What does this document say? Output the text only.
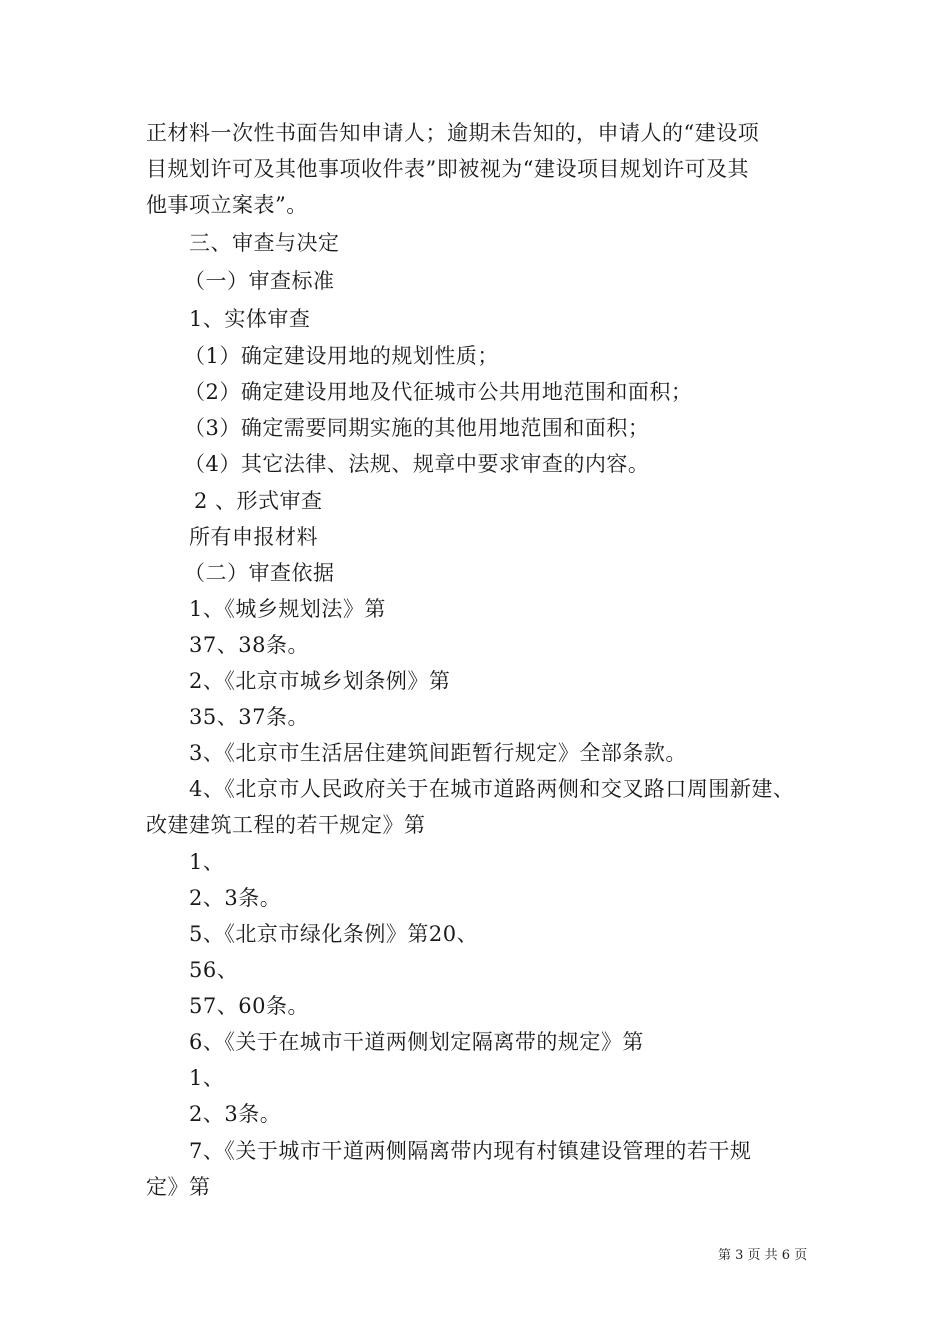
正材料一次性书面告知申请人；逾期未告知的，申请人的“建设项
目规划许可及其他事项收件表”即被视为“建设项目规划许可及其
他事项立案表”。
三、审查与决定
（一）审查标准
1、实体审查
（1）确定建设用地的规划性质；
（2）确定建设用地及代征城市公共用地范围和面积；
（3）确定需要同期实施的其他用地范围和面积；
（4）其它法律、法规、规章中要求审查的内容。
2 、形式审查
所有申报材料
（二）审查依据
1、《城乡规划法》第
37、38条。
2、《北京市城乡划条例》第
35、37条。
3、《北京市生活居住建筑间距暂行规定》全部条款。
4、《北京市人民政府关于在城市道路两侧和交叉路口周围新建、
改建建筑工程的若干规定》第
1、
2、3条。
5、《北京市绿化条例》第20、
56、
57、60条。
6、《关于在城市干道两侧划定隔离带的规定》第
1、
2、3条。
7、《关于城市干道两侧隔离带内现有村镇建设管理的若干规
定》第
第 3 页 共 6 页
